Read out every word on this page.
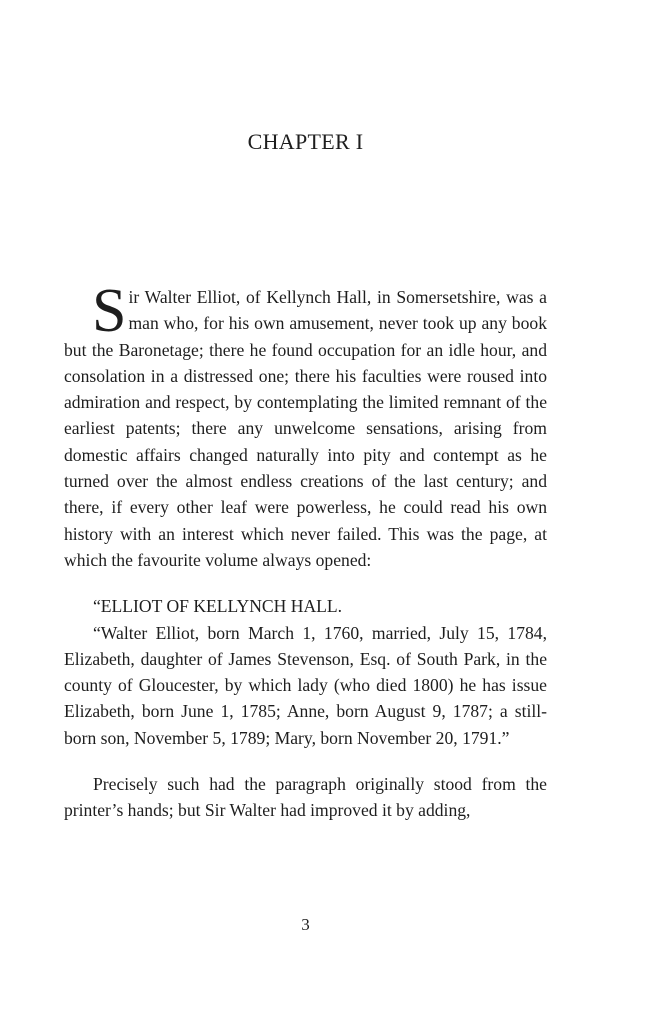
CHAPTER I

Sir Walter Elliot, of Kellynch Hall, in Somersetshire, was a man who, for his own amusement, never took up any book but the Baronetage; there he found occupation for an idle hour, and consolation in a distressed one; there his faculties were roused into admiration and respect, by contemplating the limited remnant of the earliest patents; there any unwelcome sensations, arising from domestic affairs changed naturally into pity and contempt as he turned over the almost endless creations of the last century; and there, if every other leaf were powerless, he could read his own history with an interest which never failed. This was the page, at which the favourite volume always opened:

“ELLIOT OF KELLYNCH HALL.

“Walter Elliot, born March 1, 1760, married, July 15, 1784, Elizabeth, daughter of James Stevenson, Esq. of South Park, in the county of Gloucester, by which lady (who died 1800) he has issue Elizabeth, born June 1, 1785; Anne, born August 9, 1787; a still-born son, November 5, 1789; Mary, born November 20, 1791.”

Precisely such had the paragraph originally stood from the printer’s hands; but Sir Walter had improved it by adding,

3
